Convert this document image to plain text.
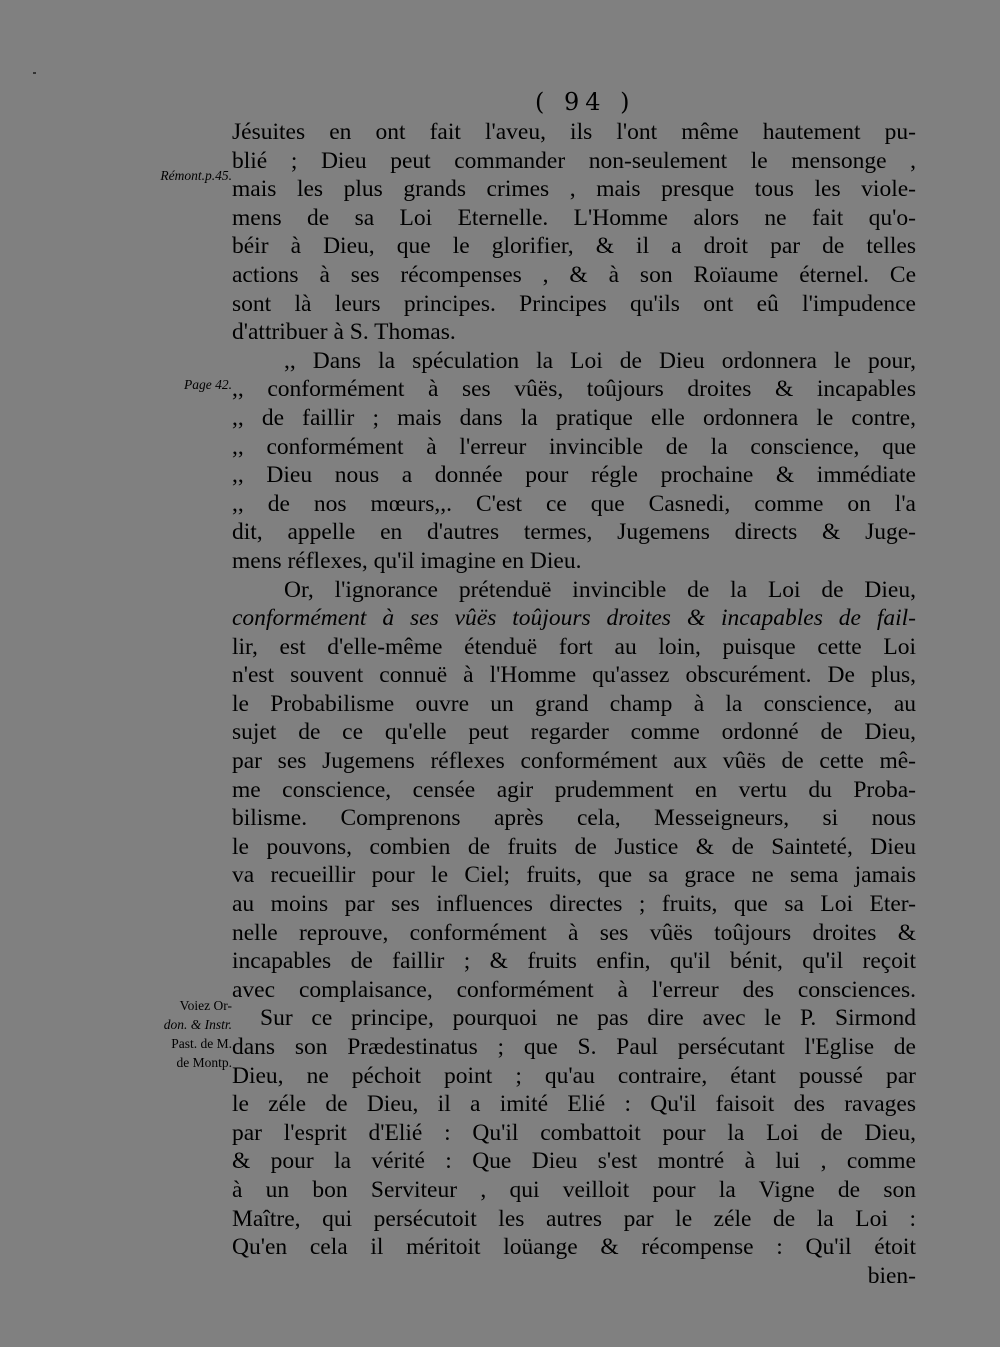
( 94 )
Rémont.p.45.
Page 42.
Voiez Or-
don. & Instr.
Past. de M.
de Montp.
Jésuites en ont fait l'aveu, ils l'ont même hautement pu-
blié ; Dieu peut commander non-seulement le mensonge ,
mais les plus grands crimes , mais presque tous les viole-
mens de sa Loi Eternelle. L'Homme alors ne fait qu'o-
béir à Dieu, que le glorifier, & il a droit par de telles
actions à ses récompenses , & à son Roïaume éternel. Ce
sont là leurs principes. Principes qu'ils ont eû l'impudence
d'attribuer à S. Thomas.
,, Dans la spéculation la Loi de Dieu ordonnera le pour,
,, conformément à ses vûës, toûjours droites & incapables
,, de faillir ; mais dans la pratique elle ordonnera le contre,
,, conformément à l'erreur invincible de la conscience, que
,, Dieu nous a donnée pour régle prochaine & immédiate
,, de nos mœurs,,. C'est ce que Casnedi, comme on l'a
dit, appelle en d'autres termes, Jugemens directs & Juge-
mens réflexes, qu'il imagine en Dieu.
Or, l'ignorance prétenduë invincible de la Loi de Dieu,
conformément à ses vûës toûjours droites & incapables de fail-
lir, est d'elle-même étenduë fort au loin, puisque cette Loi
n'est souvent connuë à l'Homme qu'assez obscurément. De plus,
le Probabilisme ouvre un grand champ à la conscience, au
sujet de ce qu'elle peut regarder comme ordonné de Dieu,
par ses Jugemens réflexes conformément aux vûës de cette mê-
me conscience, censée agir prudemment en vertu du Proba-
bilisme. Comprenons après cela, Messeigneurs, si nous
le pouvons, combien de fruits de Justice & de Sainteté, Dieu
va recueillir pour le Ciel; fruits, que sa grace ne sema jamais
au moins par ses influences directes ; fruits, que sa Loi Eter-
nelle reprouve, conformément à ses vûës toûjours droites &
incapables de faillir ; & fruits enfin, qu'il bénit, qu'il reçoit
avec complaisance, conformément à l'erreur des consciences.
Sur ce principe, pourquoi ne pas dire avec le P. Sirmond
dans son Prædestinatus ; que S. Paul persécutant l'Eglise de
Dieu, ne péchoit point ; qu'au contraire, étant poussé par
le zéle de Dieu, il a imité Elié : Qu'il faisoit des ravages
par l'esprit d'Elié : Qu'il combattoit pour la Loi de Dieu,
& pour la vérité : Que Dieu s'est montré à lui , comme
à un bon Serviteur , qui veilloit pour la Vigne de son
Maître, qui persécutoit les autres par le zéle de la Loi :
Qu'en cela il méritoit loüange & récompense : Qu'il étoit
bien-
